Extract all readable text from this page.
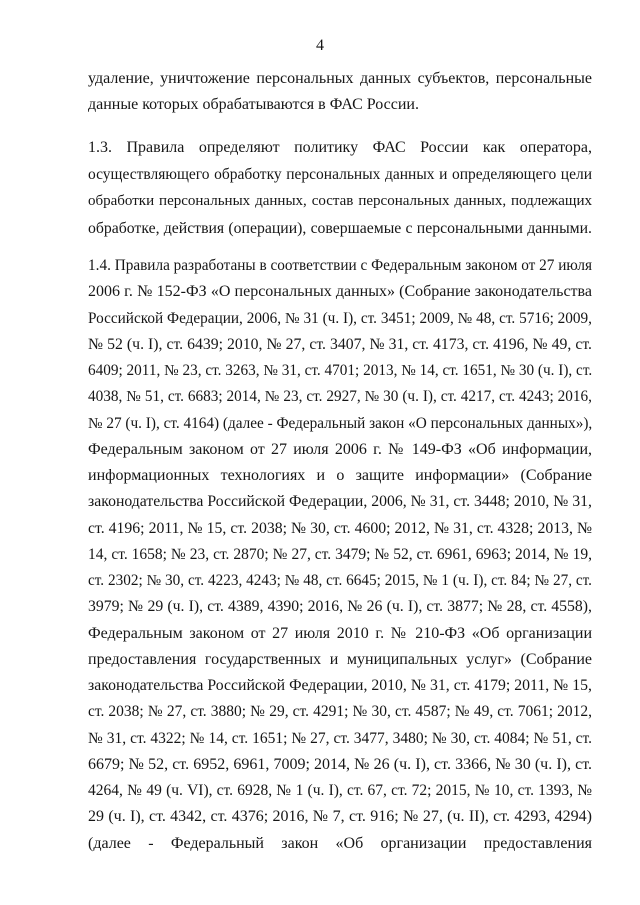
4
удаление, уничтожение персональных данных субъектов, персональные
данные которых обрабатываются в ФАС России.
1.3. Правила определяют политику ФАС России как оператора,
осуществляющего обработку персональных данных и определяющего цели
обработки персональных данных, состав персональных данных, подлежащих
обработке, действия (операции), совершаемые с персональными данными.
1.4. Правила разработаны в соответствии с Федеральным законом от 27 июля
2006 г. № 152-ФЗ «О персональных данных» (Собрание законодательства
Российской Федерации, 2006, № 31 (ч. I), ст. 3451; 2009, № 48, ст. 5716; 2009,
№ 52 (ч. I), ст. 6439; 2010, № 27, ст. 3407, № 31, ст. 4173, ст. 4196, № 49, ст.
6409; 2011, № 23, ст. 3263, № 31, ст. 4701; 2013, № 14, ст. 1651, № 30 (ч. I), ст.
4038, № 51, ст. 6683; 2014, № 23, ст. 2927, № 30 (ч. I), ст. 4217, ст. 4243; 2016,
№ 27 (ч. I), ст. 4164) (далее - Федеральный закон «О персональных данных»),
Федеральным законом от 27 июля 2006 г. № 149-ФЗ «Об информации,
информационных технологиях и о защите информации» (Собрание
законодательства Российской Федерации, 2006, № 31, ст. 3448; 2010, № 31,
ст. 4196; 2011, № 15, ст. 2038; № 30, ст. 4600; 2012, № 31, ст. 4328; 2013, №
14, ст. 1658; № 23, ст. 2870; № 27, ст. 3479; № 52, ст. 6961, 6963; 2014, № 19,
ст. 2302; № 30, ст. 4223, 4243; № 48, ст. 6645; 2015, № 1 (ч. I), ст. 84; № 27, ст.
3979; № 29 (ч. I), ст. 4389, 4390; 2016, № 26 (ч. I), ст. 3877; № 28, ст. 4558),
Федеральным законом от 27 июля 2010 г. № 210-ФЗ «Об организации
предоставления государственных и муниципальных услуг» (Собрание
законодательства Российской Федерации, 2010, № 31, ст. 4179; 2011, № 15,
ст. 2038; № 27, ст. 3880; № 29, ст. 4291; № 30, ст. 4587; № 49, ст. 7061; 2012,
№ 31, ст. 4322; № 14, ст. 1651; № 27, ст. 3477, 3480; № 30, ст. 4084; № 51, ст.
6679; № 52, ст. 6952, 6961, 7009; 2014, № 26 (ч. I), ст. 3366, № 30 (ч. I), ст.
4264, № 49 (ч. VI), ст. 6928, № 1 (ч. I), ст. 67, ст. 72; 2015, № 10, ст. 1393, №
29 (ч. I), ст. 4342, ст. 4376; 2016, № 7, ст. 916; № 27, (ч. II), ст. 4293, 4294)
(далее - Федеральный закон «Об организации предоставления
